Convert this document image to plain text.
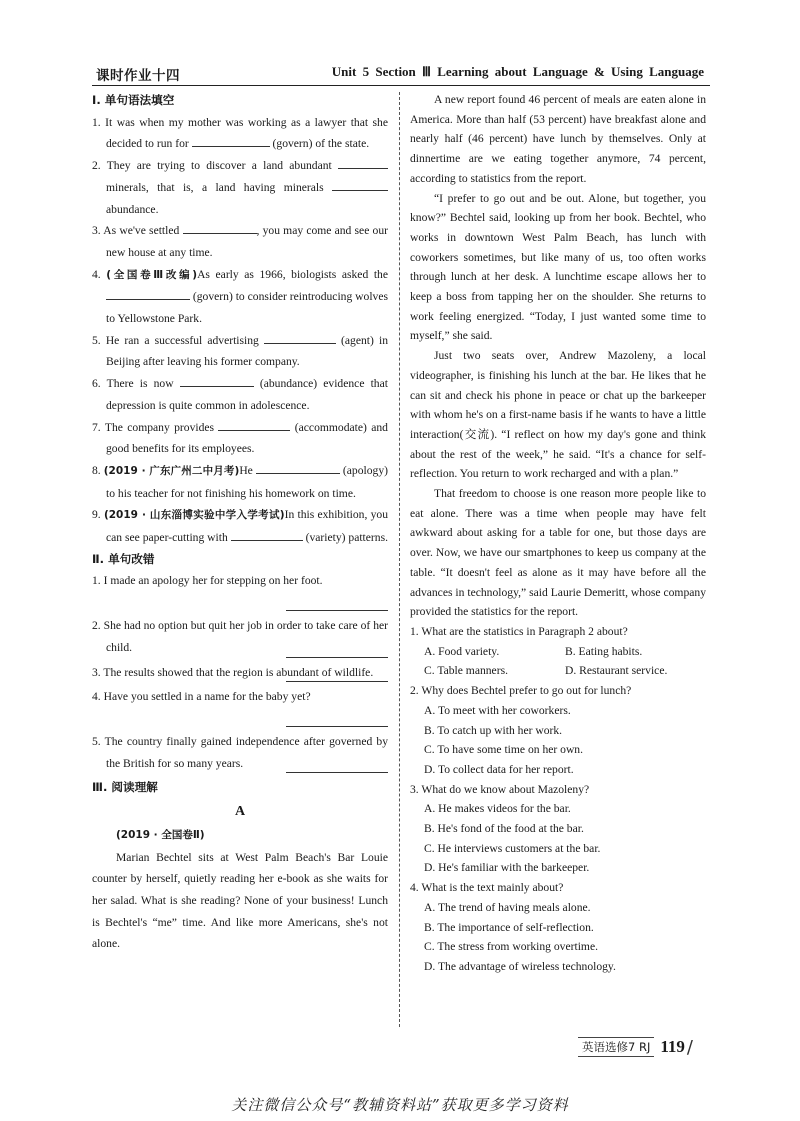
课时作业十四	Unit 5 Section Ⅲ Learning about Language & Using Language

Ⅰ. 单句语法填空

1. It was when my mother was working as a lawyer that she decided to run for	(govern) of the state.

2. They are trying to discover a land abundant  minerals, that is, a land having minerals  abundance.

3. As we've settled	, you may come and see our new house at any time.

4. (全国卷Ⅲ改编)As early as 1966, biologists asked the  (govern) to consider reintroducing wolves to Yellowstone Park.

5. He ran a successful advertising	(agent) in Beijing after leaving his former company.

6. There is now	(abundance) evidence that depression is quite common in adolescence.

7. The company provides	(accommodate) and good benefits for its employees.

8. (2019 · 广东广州二中月考)He	(apology) to his teacher for not finishing his homework on time.

9. (2019 · 山东淄博实验中学入学考试)In this exhibition, you can see paper-cutting with	(variety) patterns.

Ⅱ. 单句改错

1. I made an apology her for stepping on her foot.
2. She had no option but quit her job in order to take care of her child.
3. The results showed that the region is abundant of wildlife.
4. Have you settled in a name for the baby yet?
5. The country finally gained independence after governed by the British for so many years.

Ⅲ. 阅读理解

A

(2019 · 全国卷Ⅱ)

Marian Bechtel sits at West Palm Beach's Bar Louie counter by herself, quietly reading her e-book as she waits for her salad. What is she reading? None of your business! Lunch is Bechtel's “me” time. And like more Americans, she's not alone.

A new report found 46 percent of meals are eaten alone in America. More than half (53 percent) have breakfast alone and nearly half (46 percent) have lunch by themselves. Only at dinnertime are we eating together anymore, 74 percent, according to statistics from the report.

“I prefer to go out and be out. Alone, but together, you know?” Bechtel said, looking up from her book. Bechtel, who works in downtown West Palm Beach, has lunch with coworkers sometimes, but like many of us, too often works through lunch at her desk. A lunchtime escape allows her to keep a boss from tapping her on the shoulder. She returns to work feeling energized. “Today, I just wanted some time to myself,” she said.

Just two seats over, Andrew Mazoleny, a local videographer, is finishing his lunch at the bar. He likes that he can sit and check his phone in peace or chat up the barkeeper with whom he's on a first-name basis if he wants to have a little interaction(交流). “I reflect on how my day's gone and think about the rest of the week,” he said. “It's a chance for self-reflection. You return to work recharged and with a plan.”

That freedom to choose is one reason more people like to eat alone. There was a time when people may have felt awkward about asking for a table for one, but those days are over. Now, we have our smartphones to keep us company at the table. “It doesn't feel as alone as it may have before all the advances in technology,” said Laurie Demeritt, whose company provided the statistics for the report.

1. What are the statistics in Paragraph 2 about?

A. Food variety.	B. Eating habits.
C. Table manners.	D. Restaurant service.

2. Why does Bechtel prefer to go out for lunch?

A. To meet with her coworkers.

B. To catch up with her work.

C. To have some time on her own.

D. To collect data for her report.

3. What do we know about Mazoleny?

A. He makes videos for the bar.

B. He's fond of the food at the bar.

C. He interviews customers at the bar.

D. He's familiar with the barkeeper.

4. What is the text mainly about?

A. The trend of having meals alone.

B. The importance of self-reflection.

C. The stress from working overtime.

D. The advantage of wireless technology.

英语选修7 RJ 119 /
关注微信公众号“教辅资料站”获取更多学习资料
